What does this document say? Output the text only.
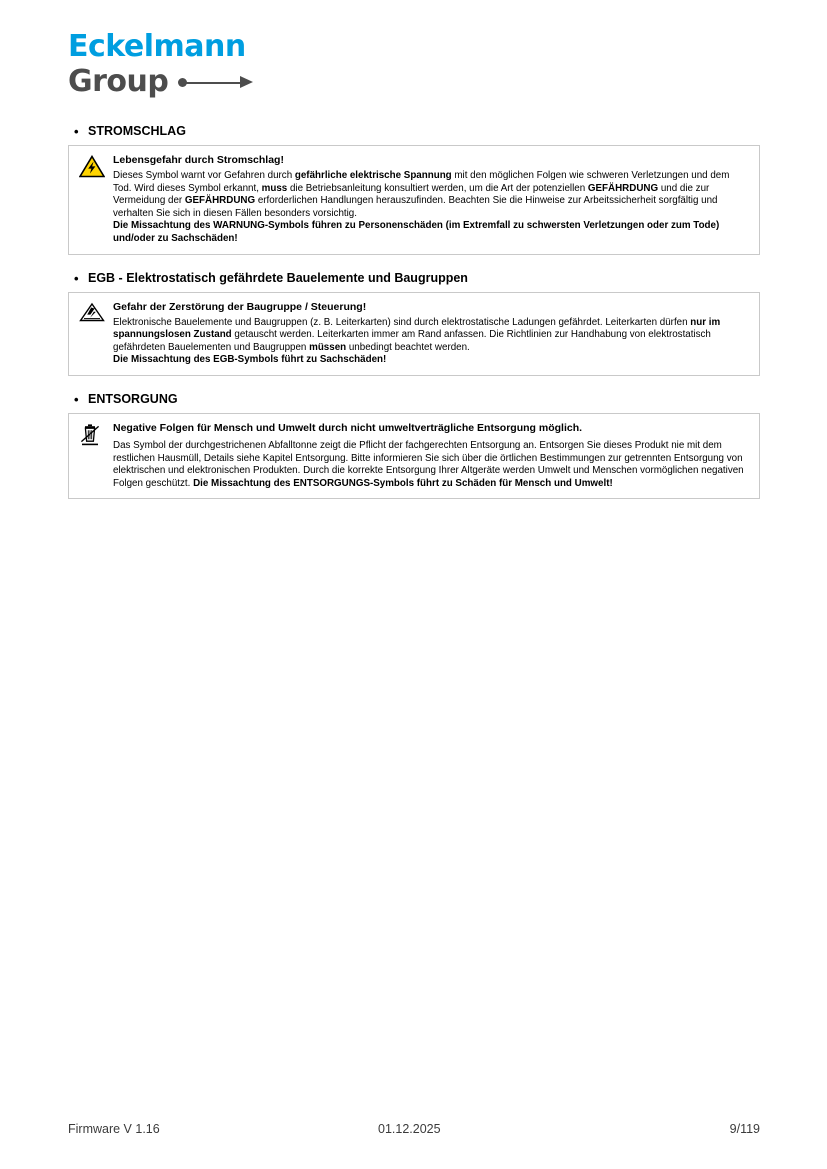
Eckelmann
Group
• STROMSCHLAG
Lebensgefahr durch Stromschlag!
Dieses Symbol warnt vor Gefahren durch gefährliche elektrische Spannung mit den möglichen Folgen wie schweren Verletzungen und dem Tod. Wird dieses Symbol erkannt, muss die Betriebsanleitung konsultiert werden, um die Art der potenziellen GEFÄHRDUNG und die zur Vermeidung der GEFÄHRDUNG erforderlichen Handlungen herauszufinden. Beachten Sie die Hinweise zur Arbeitssicherheit sorgfältig und verhalten Sie sich in diesen Fällen besonders vorsichtig.
Die Missachtung des WARNUNG-Symbols führen zu Personenschäden (im Extremfall zu schwersten Verletzungen oder zum Tode) und/oder zu Sachschäden!
• EGB - Elektrostatisch gefährdete Bauelemente und Baugruppen
Gefahr der Zerstörung der Baugruppe / Steuerung!
Elektronische Bauelemente und Baugruppen (z. B. Leiterkarten) sind durch elektrostatische Ladungen gefährdet. Leiterkarten dürfen nur im spannungslosen Zustand getauscht werden. Leiterkarten immer am Rand anfassen. Die Richtlinien zur Handhabung von elektrostatisch gefährdeten Bauelementen und Baugruppen müssen unbedingt beachtet werden.
Die Missachtung des EGB-Symbols führt zu Sachschäden!
• ENTSORGUNG
Negative Folgen für Mensch und Umwelt durch nicht umweltverträgliche Entsorgung möglich.
Das Symbol der durchgestrichenen Abfalltonne zeigt die Pflicht der fachgerechten Entsorgung an. Entsorgen Sie dieses Produkt nie mit dem restlichen Hausmüll, Details siehe Kapitel Entsorgung. Bitte informieren Sie sich über die örtlichen Bestimmungen zur getrennten Entsorgung von elektrischen und elektronischen Produkten. Durch die korrekte Entsorgung Ihrer Altgeräte werden Umwelt und Menschen vormöglichen negativen Folgen geschützt. Die Missachtung des ENTSORGUNGS-Symbols führt zu Schäden für Mensch und Umwelt!
Firmware V 1.16	01.12.2025	9/119
